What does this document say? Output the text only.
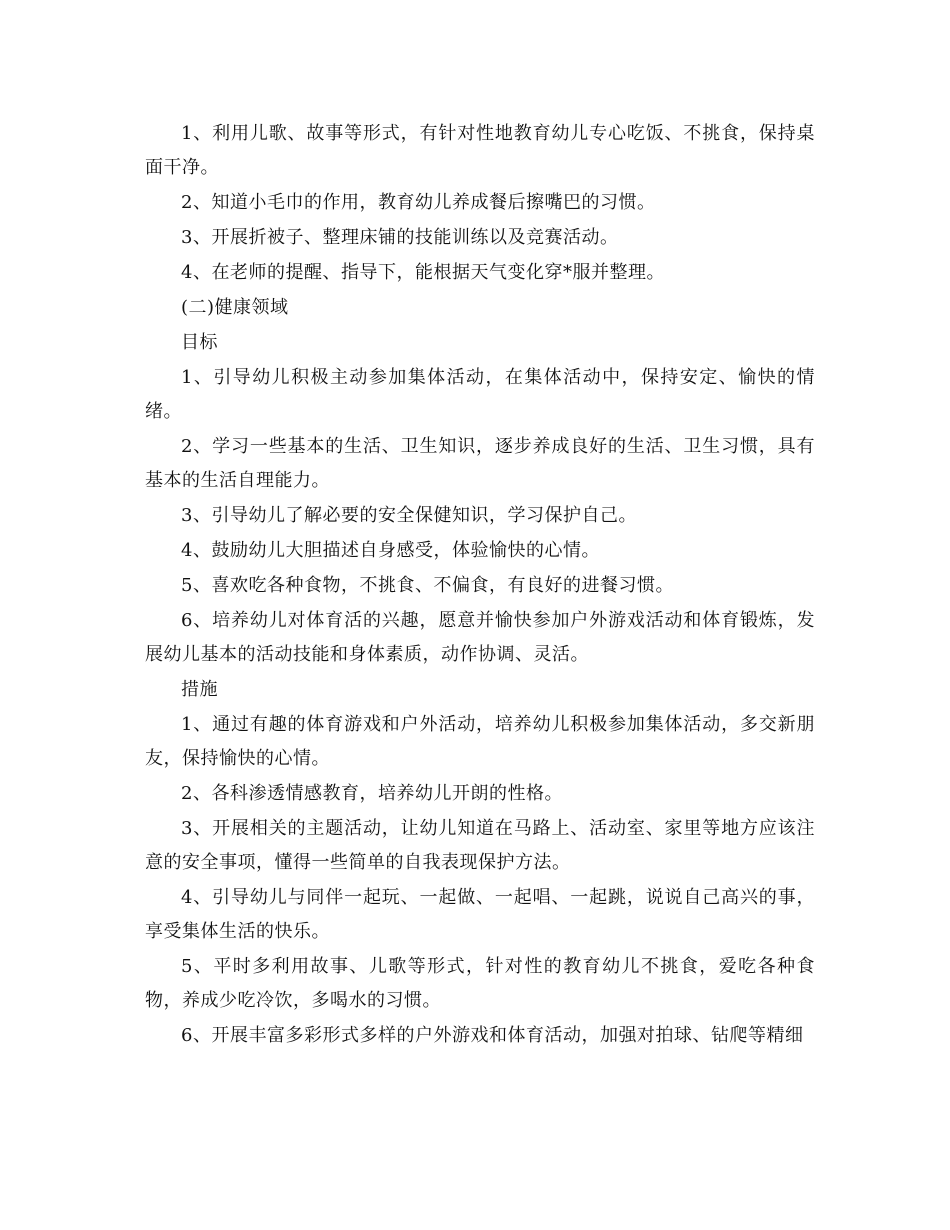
1、利用儿歌、故事等形式，有针对性地教育幼儿专心吃饭、不挑食，保持桌面干净。

2、知道小毛巾的作用，教育幼儿养成餐后擦嘴巴的习惯。

3、开展折被子、整理床铺的技能训练以及竞赛活动。

4、在老师的提醒、指导下，能根据天气变化穿*服并整理。

(二)健康领域

目标

1、引导幼儿积极主动参加集体活动，在集体活动中，保持安定、愉快的情绪。

2、学习一些基本的生活、卫生知识，逐步养成良好的生活、卫生习惯，具有基本的生活自理能力。

3、引导幼儿了解必要的安全保健知识，学习保护自己。

4、鼓励幼儿大胆描述自身感受，体验愉快的心情。

5、喜欢吃各种食物，不挑食、不偏食，有良好的进餐习惯。

6、培养幼儿对体育活的兴趣，愿意并愉快参加户外游戏活动和体育锻炼，发展幼儿基本的活动技能和身体素质，动作协调、灵活。

措施

1、通过有趣的体育游戏和户外活动，培养幼儿积极参加集体活动，多交新朋友，保持愉快的心情。

2、各科渗透情感教育，培养幼儿开朗的性格。

3、开展相关的主题活动，让幼儿知道在马路上、活动室、家里等地方应该注意的安全事项，懂得一些简单的自我表现保护方法。

4、引导幼儿与同伴一起玩、一起做、一起唱、一起跳，说说自己高兴的事，享受集体生活的快乐。

5、平时多利用故事、儿歌等形式，针对性的教育幼儿不挑食，爱吃各种食物，养成少吃冷饮，多喝水的习惯。

6、开展丰富多彩形式多样的户外游戏和体育活动，加强对拍球、钻爬等精细
